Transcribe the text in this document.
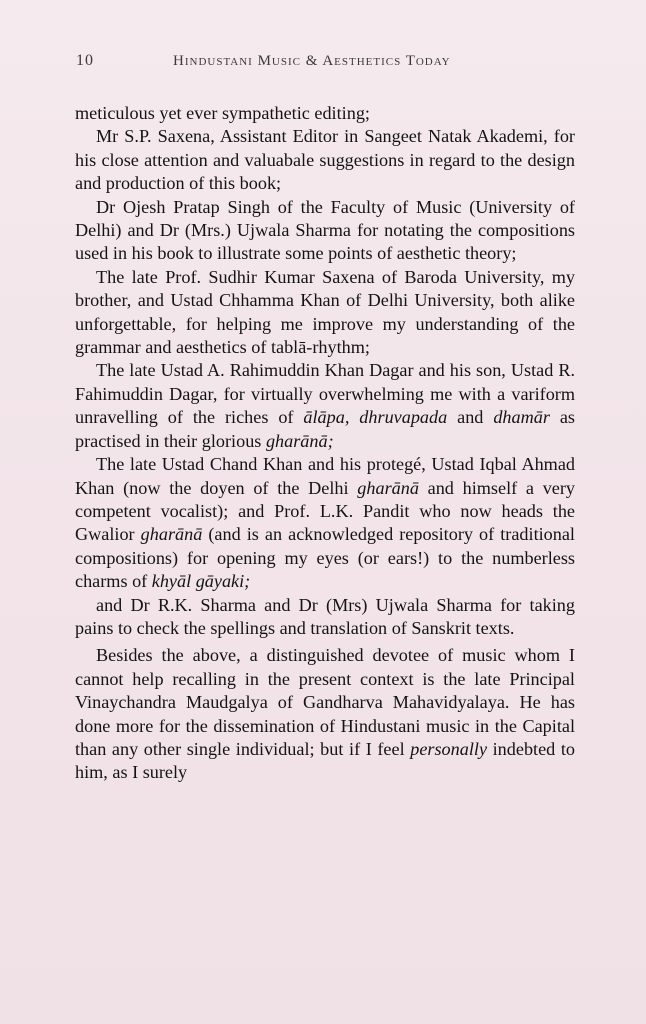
10	Hindustani Music & Aesthetics Today

meticulous yet ever sympathetic editing;

Mr S.P. Saxena, Assistant Editor in Sangeet Natak Akademi, for his close attention and valuabale suggestions in regard to the design and production of this book;

Dr Ojesh Pratap Singh of the Faculty of Music (University of Delhi) and Dr (Mrs.) Ujwala Sharma for notating the compositions used in his book to illustrate some points of aesthetic theory;

The late Prof. Sudhir Kumar Saxena of Baroda University, my brother, and Ustad Chhamma Khan of Delhi University, both alike unforgettable, for helping me improve my understanding of the grammar and aesthetics of tablā-rhythm;

The late Ustad A. Rahimuddin Khan Dagar and his son, Ustad R. Fahimuddin Dagar, for virtually overwhelming me with a variform unravelling of the riches of ālāpa, dhruvapada and dhamār as practised in their glorious gharānā;

The late Ustad Chand Khan and his protegé, Ustad Iqbal Ahmad Khan (now the doyen of the Delhi gharānā and himself a very competent vocalist); and Prof. L.K. Pandit who now heads the Gwalior gharānā (and is an acknowledged repository of traditional compositions) for opening my eyes (or ears!) to the numberless charms of khyāl gāyaki;

and Dr R.K. Sharma and Dr (Mrs) Ujwala Sharma for taking pains to check the spellings and translation of Sanskrit texts.

Besides the above, a distinguished devotee of music whom I cannot help recalling in the present context is the late Principal Vinaychandra Maudgalya of Gandharva Mahavidyalaya. He has done more for the dissemination of Hindustani music in the Capital than any other single individual; but if I feel personally indebted to him, as I surely
